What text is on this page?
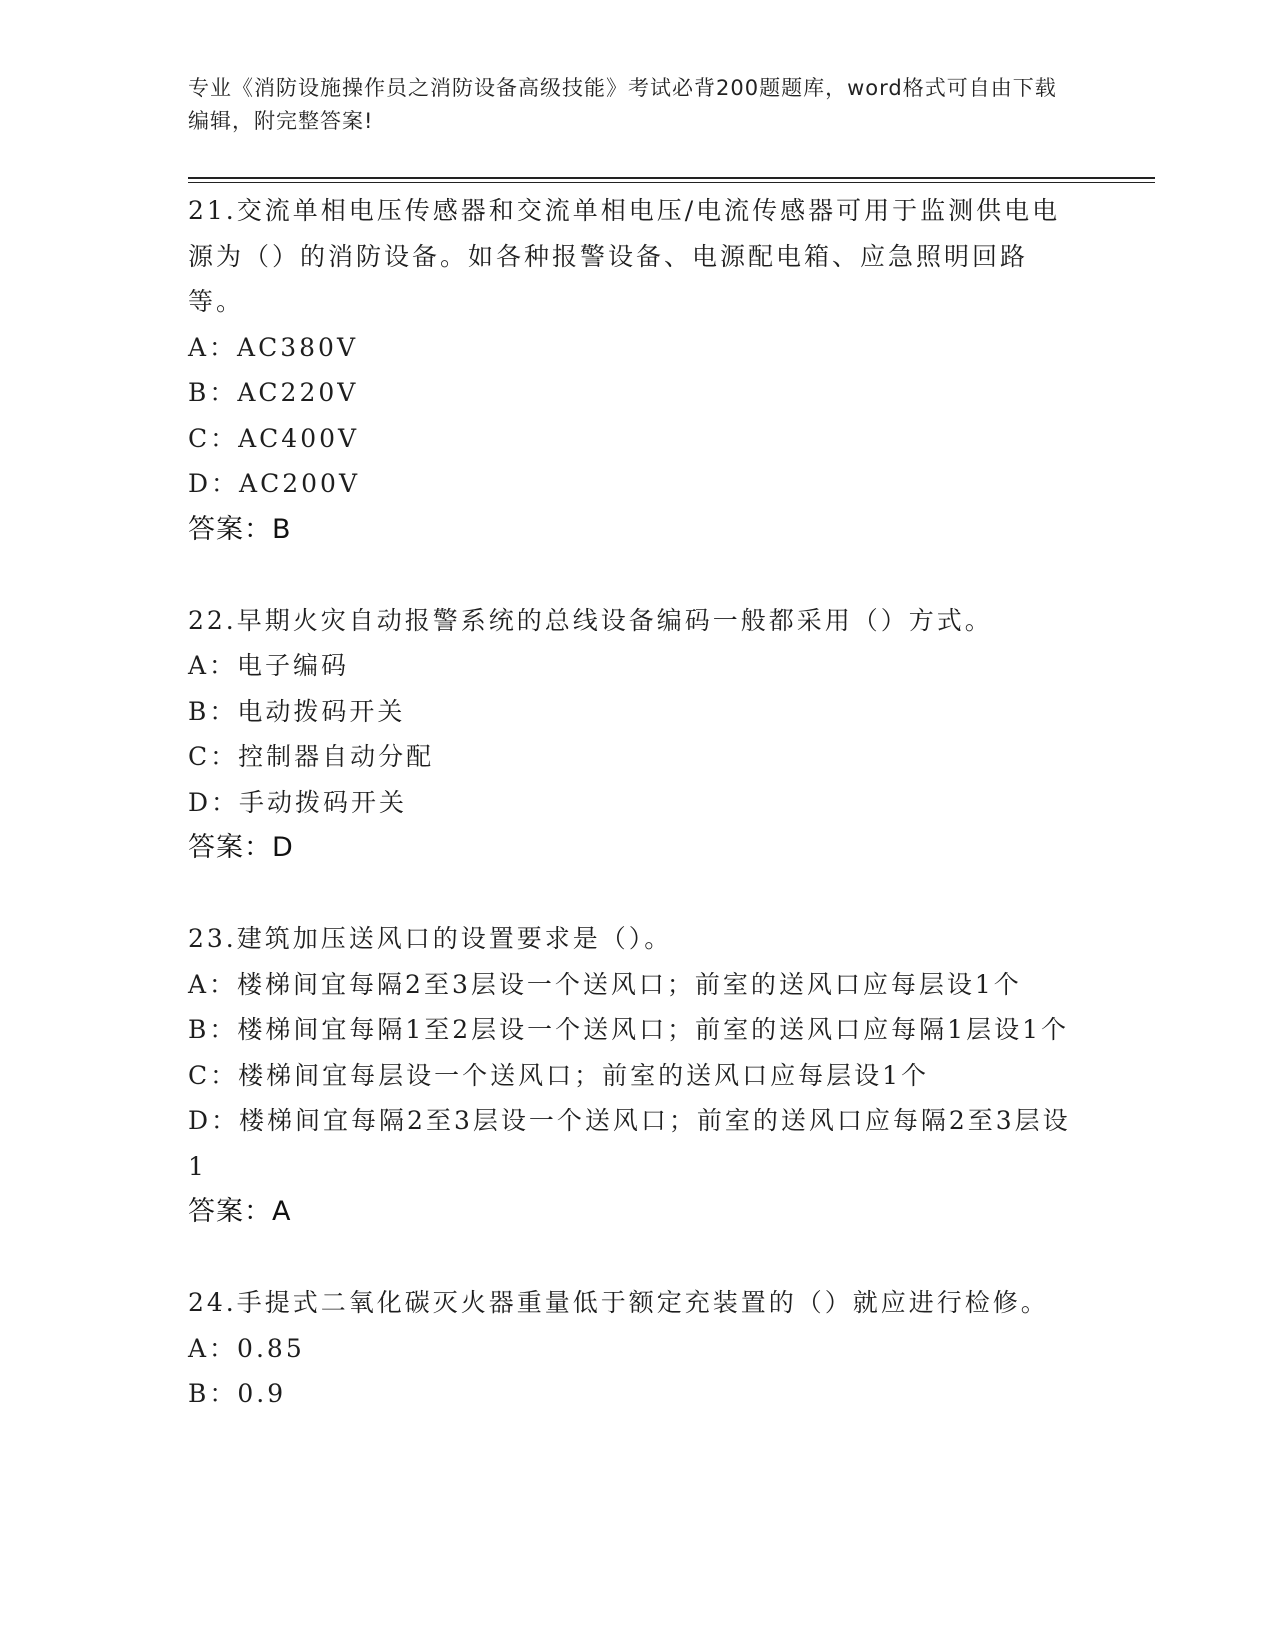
专业《消防设施操作员之消防设备高级技能》考试必背200题题库，word格式可自由下载编辑，附完整答案!
21.交流单相电压传感器和交流单相电压/电流传感器可用于监测供电电源为（）的消防设备。如各种报警设备、电源配电箱、应急照明回路等。
A：AC380V
B：AC220V
C：AC400V
D：AC200V
答案：B
22.早期火灾自动报警系统的总线设备编码一般都采用（）方式。
A：电子编码
B：电动拨码开关
C：控制器自动分配
D：手动拨码开关
答案：D
23.建筑加压送风口的设置要求是（）。
A：楼梯间宜每隔2至3层设一个送风口；前室的送风口应每层设1个
B：楼梯间宜每隔1至2层设一个送风口；前室的送风口应每隔1层设1个
C：楼梯间宜每层设一个送风口；前室的送风口应每层设1个
D：楼梯间宜每隔2至3层设一个送风口；前室的送风口应每隔2至3层设1
答案：A
24.手提式二氧化碳灭火器重量低于额定充装置的（）就应进行检修。
A：0.85
B：0.9
